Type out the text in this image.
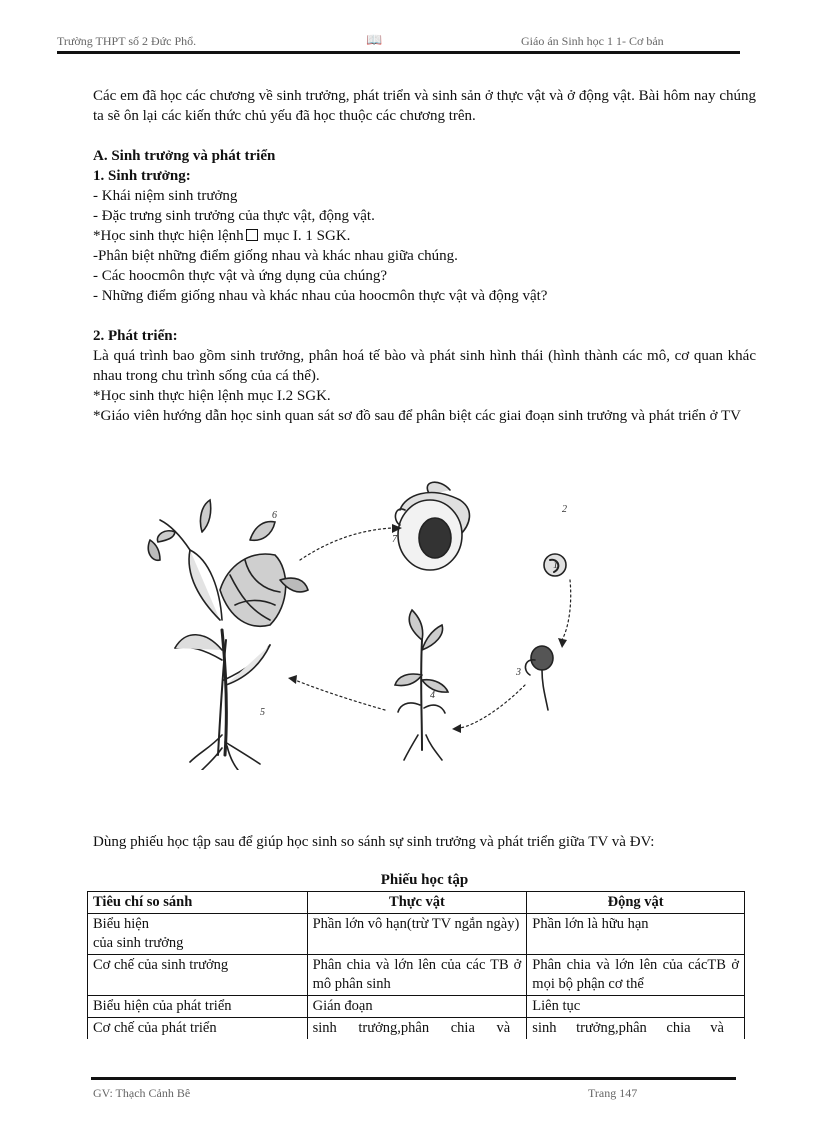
Trường THPT số 2 Đức Phổ.	📖	Giáo án Sinh học 1 1- Cơ bản

Các em đã học các chương về sinh trưởng, phát triển và sinh sản ở thực vật và ở động vật. Bài hôm nay chúng ta sẽ ôn lại các kiến thức chủ yếu đã học thuộc các chương trên.

A. Sinh trưởng và phát triển

1. Sinh trưởng:

- Khái niệm sinh trưởng

- Đặc trưng sinh trưởng của thực vật, động vật.

*Học sinh thực hiện lệnh mục I. 1 SGK.

-Phân biệt những điểm giống nhau và khác nhau giữa chúng.

- Các hoocmôn thực vật và ứng dụng của chúng?

- Những điểm giống nhau và khác nhau của hoocmôn thực vật và động vật?

2. Phát triển:

Là quá trình bao gồm sinh trưởng, phân hoá tế bào và phát sinh hình thái (hình thành các mô, cơ quan khác nhau trong chu trình sống của cá thể).

*Học sinh thực hiện lệnh mục I.2 SGK.

*Giáo viên hướng dẫn học sinh quan sát sơ đồ sau để phân biệt các giai đoạn sinh trưởng và phát triển ở TV

6
7
2
1
3
4
5

Dùng phiếu học tập sau để giúp học sinh so sánh sự sinh trưởng và phát triển giữa TV và ĐV:

Phiếu học tập
Tiêu chí so sánh	Thực vật	Động vật
Biểu hiện
của sinh trưởng	Phần lớn vô hạn(trừ TV ngắn ngày)	Phần lớn là hữu hạn
Cơ chế của sinh trưởng	Phân chia và lớn lên của các TB ở mô phân sinh	Phân chia và lớn lên của cácTB ở mọi bộ phận cơ thể
Biểu hiện của phát triển	Gián đoạn	Liên tục
Cơ chế của phát triển	sinh trưởng,phân chia và	sinh trưởng,phân chia và
GV: Thạch Cảnh Bê	Trang 147
